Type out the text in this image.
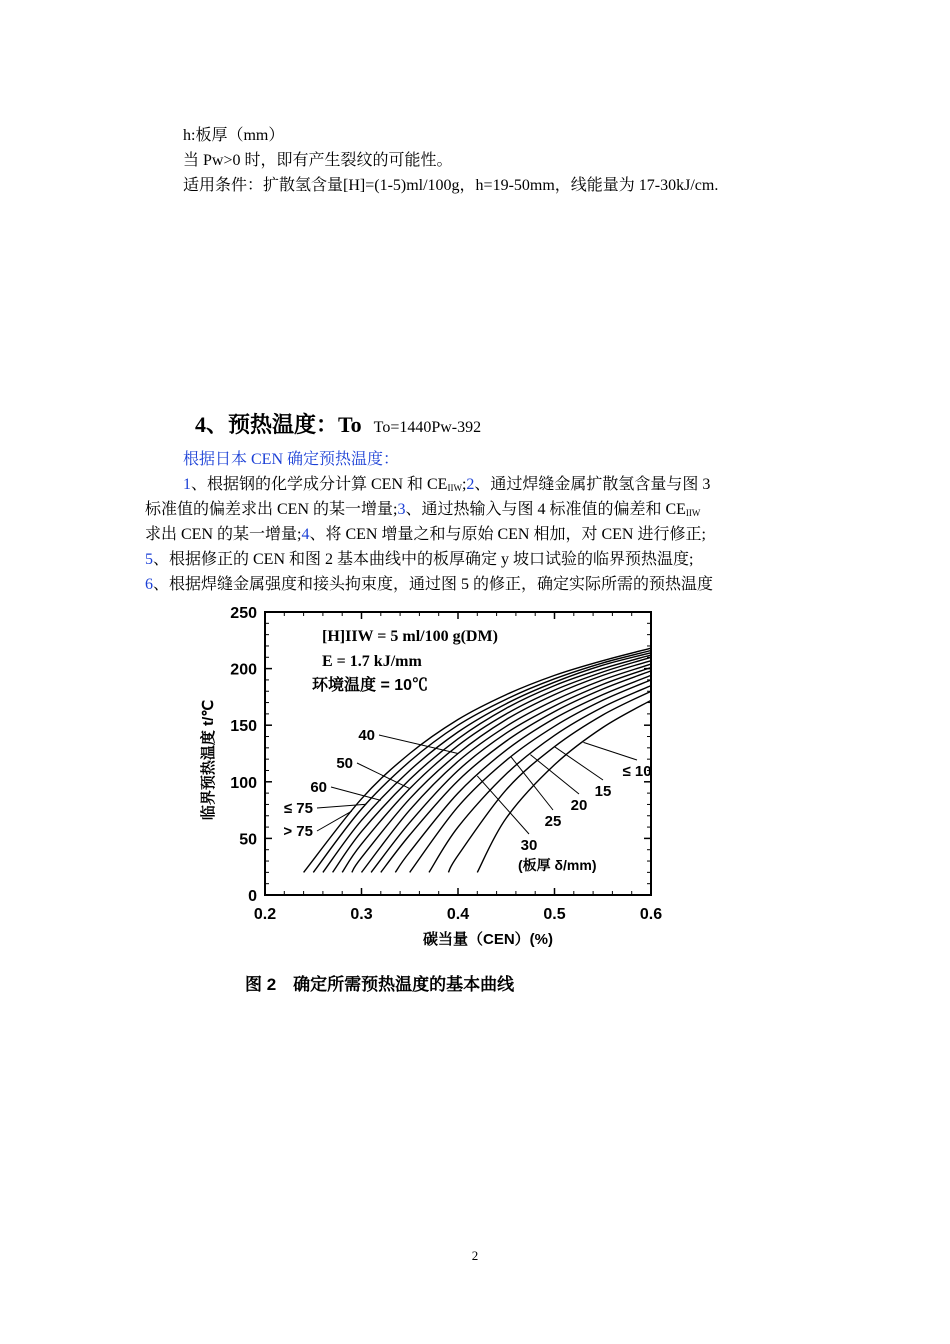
h:板厚（mm）
当 Pw>0 时，即有产生裂纹的可能性。
适用条件：扩散氢含量[H]=(1-5)ml/100g，h=19-50mm，线能量为 17-30kJ/cm.
4、预热温度：To To=1440Pw-392
根据日本 CEN 确定预热温度：
1、根据钢的化学成分计算 CEN 和 $CE_{IIW};2$、通过焊缝金属扩散氢含量与图 3
标准值的偏差求出 CEN 的某一增量;3、通过热输入与图 4 标准值的偏差和 $CE_{IIW}$
求出 CEN 的某一增量;4、将 CEN 增量之和与原始 CEN 相加，对 CEN 进行修正;
5、根据修正的 CEN 和图 2 基本曲线中的板厚确定 y 坡口试验的临界预热温度;
6、根据焊缝金属强度和接头拘束度，通过图 5 的修正，确定实际所需的预热温度
0
50
100
150
200
250
0.2	0.3	0.4	0.5	0.6
> 75
≤ 75
60
50
40
30
25
20
15
≤ 10
[H]IIW = 5 ml/100 g(DM)
E = 1.7 kJ/mm
环境温度 = 10℃
(板厚 δ/mm)
碳当量（CEN）(%)
临界预热温度 t/℃
图 2　确定所需预热温度的基本曲线
2
